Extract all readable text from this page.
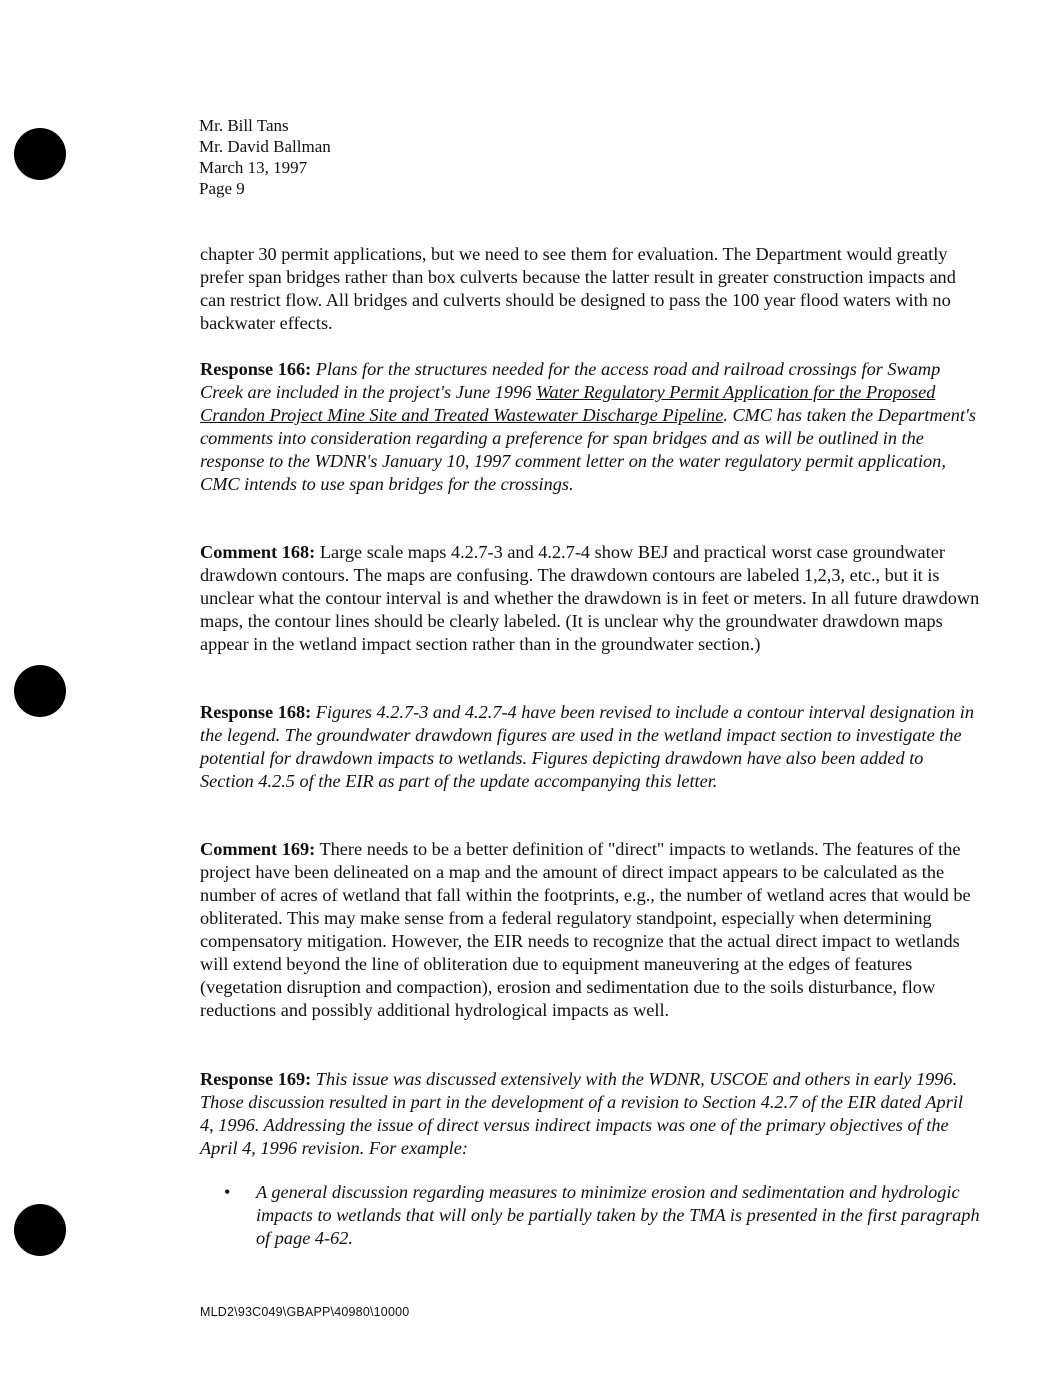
Mr. Bill Tans
Mr. David Ballman
March 13, 1997
Page 9
chapter 30 permit applications, but we need to see them for evaluation. The Department would greatly prefer span bridges rather than box culverts because the latter result in greater construction impacts and can restrict flow. All bridges and culverts should be designed to pass the 100 year flood waters with no backwater effects.
Response 166: Plans for the structures needed for the access road and railroad crossings for Swamp Creek are included in the project's June 1996 Water Regulatory Permit Application for the Proposed Crandon Project Mine Site and Treated Wastewater Discharge Pipeline. CMC has taken the Department's comments into consideration regarding a preference for span bridges and as will be outlined in the response to the WDNR's January 10, 1997 comment letter on the water regulatory permit application, CMC intends to use span bridges for the crossings.
Comment 168: Large scale maps 4.2.7-3 and 4.2.7-4 show BEJ and practical worst case groundwater drawdown contours. The maps are confusing. The drawdown contours are labeled 1,2,3, etc., but it is unclear what the contour interval is and whether the drawdown is in feet or meters. In all future drawdown maps, the contour lines should be clearly labeled. (It is unclear why the groundwater drawdown maps appear in the wetland impact section rather than in the groundwater section.)
Response 168: Figures 4.2.7-3 and 4.2.7-4 have been revised to include a contour interval designation in the legend. The groundwater drawdown figures are used in the wetland impact section to investigate the potential for drawdown impacts to wetlands. Figures depicting drawdown have also been added to Section 4.2.5 of the EIR as part of the update accompanying this letter.
Comment 169: There needs to be a better definition of "direct" impacts to wetlands. The features of the project have been delineated on a map and the amount of direct impact appears to be calculated as the number of acres of wetland that fall within the footprints, e.g., the number of wetland acres that would be obliterated. This may make sense from a federal regulatory standpoint, especially when determining compensatory mitigation. However, the EIR needs to recognize that the actual direct impact to wetlands will extend beyond the line of obliteration due to equipment maneuvering at the edges of features (vegetation disruption and compaction), erosion and sedimentation due to the soils disturbance, flow reductions and possibly additional hydrological impacts as well.
Response 169: This issue was discussed extensively with the WDNR, USCOE and others in early 1996. Those discussion resulted in part in the development of a revision to Section 4.2.7 of the EIR dated April 4, 1996. Addressing the issue of direct versus indirect impacts was one of the primary objectives of the April 4, 1996 revision. For example:
• A general discussion regarding measures to minimize erosion and sedimentation and hydrologic impacts to wetlands that will only be partially taken by the TMA is presented in the first paragraph of page 4-62.
MLD2\93C049\GBAPP\40980\10000
